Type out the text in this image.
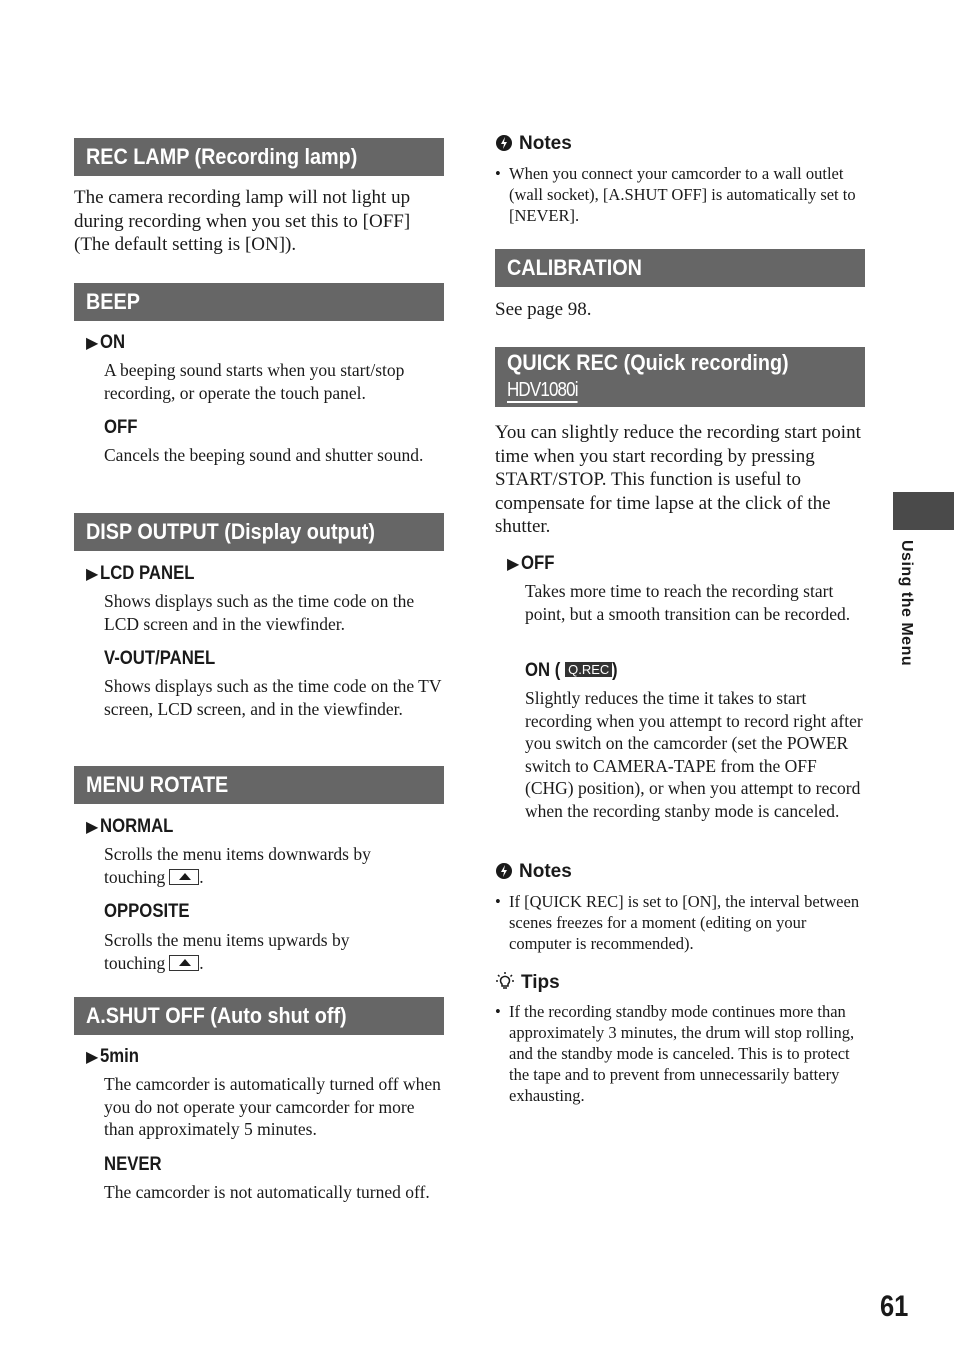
REC LAMP (Recording lamp)
The camera recording lamp will not light up during recording when you set this to [OFF] (The default setting is [ON]).
BEEP
▶ ON
A beeping sound starts when you start/stop recording, or operate the touch panel.
OFF
Cancels the beeping sound and shutter sound.
DISP OUTPUT (Display output)
▶ LCD PANEL
Shows displays such as the time code on the LCD screen and in the viewfinder.
V-OUT/PANEL
Shows displays such as the time code on the TV screen, LCD screen, and in the viewfinder.
MENU ROTATE
▶ NORMAL
Scrolls the menu items downwards by
touching .
OPPOSITE
Scrolls the menu items upwards by
touching .
A.SHUT OFF (Auto shut off)
▶ 5min
The camcorder is automatically turned off when you do not operate your camcorder for more than approximately 5 minutes.
NEVER
The camcorder is not automatically turned off.
Notes
• When you connect your camcorder to a wall outlet (wall socket), [A.SHUT OFF] is automatically set to [NEVER].
CALIBRATION
See page 98.
QUICK REC (Quick recording)
HDV1080i
You can slightly reduce the recording start point time when you start recording by pressing START/STOP. This function is useful to compensate for time lapse at the click of the shutter.
▶ OFF
Takes more time to reach the recording start point, but a smooth transition can be recorded.
ON ( Q.REC )
Slightly reduces the time it takes to start recording when you attempt to record right after you switch on the camcorder (set the POWER switch to CAMERA-TAPE from the OFF (CHG) position), or when you attempt to record when the recording stanby mode is canceled.
Notes
• If [QUICK REC] is set to [ON], the interval between scenes freezes for a moment (editing on your computer is recommended).
Tips
• If the recording standby mode continues more than approximately 3 minutes, the drum will stop rolling, and the standby mode is canceled. This is to protect the tape and to prevent from unnecessarily battery exhausting.
Using the Menu
61
